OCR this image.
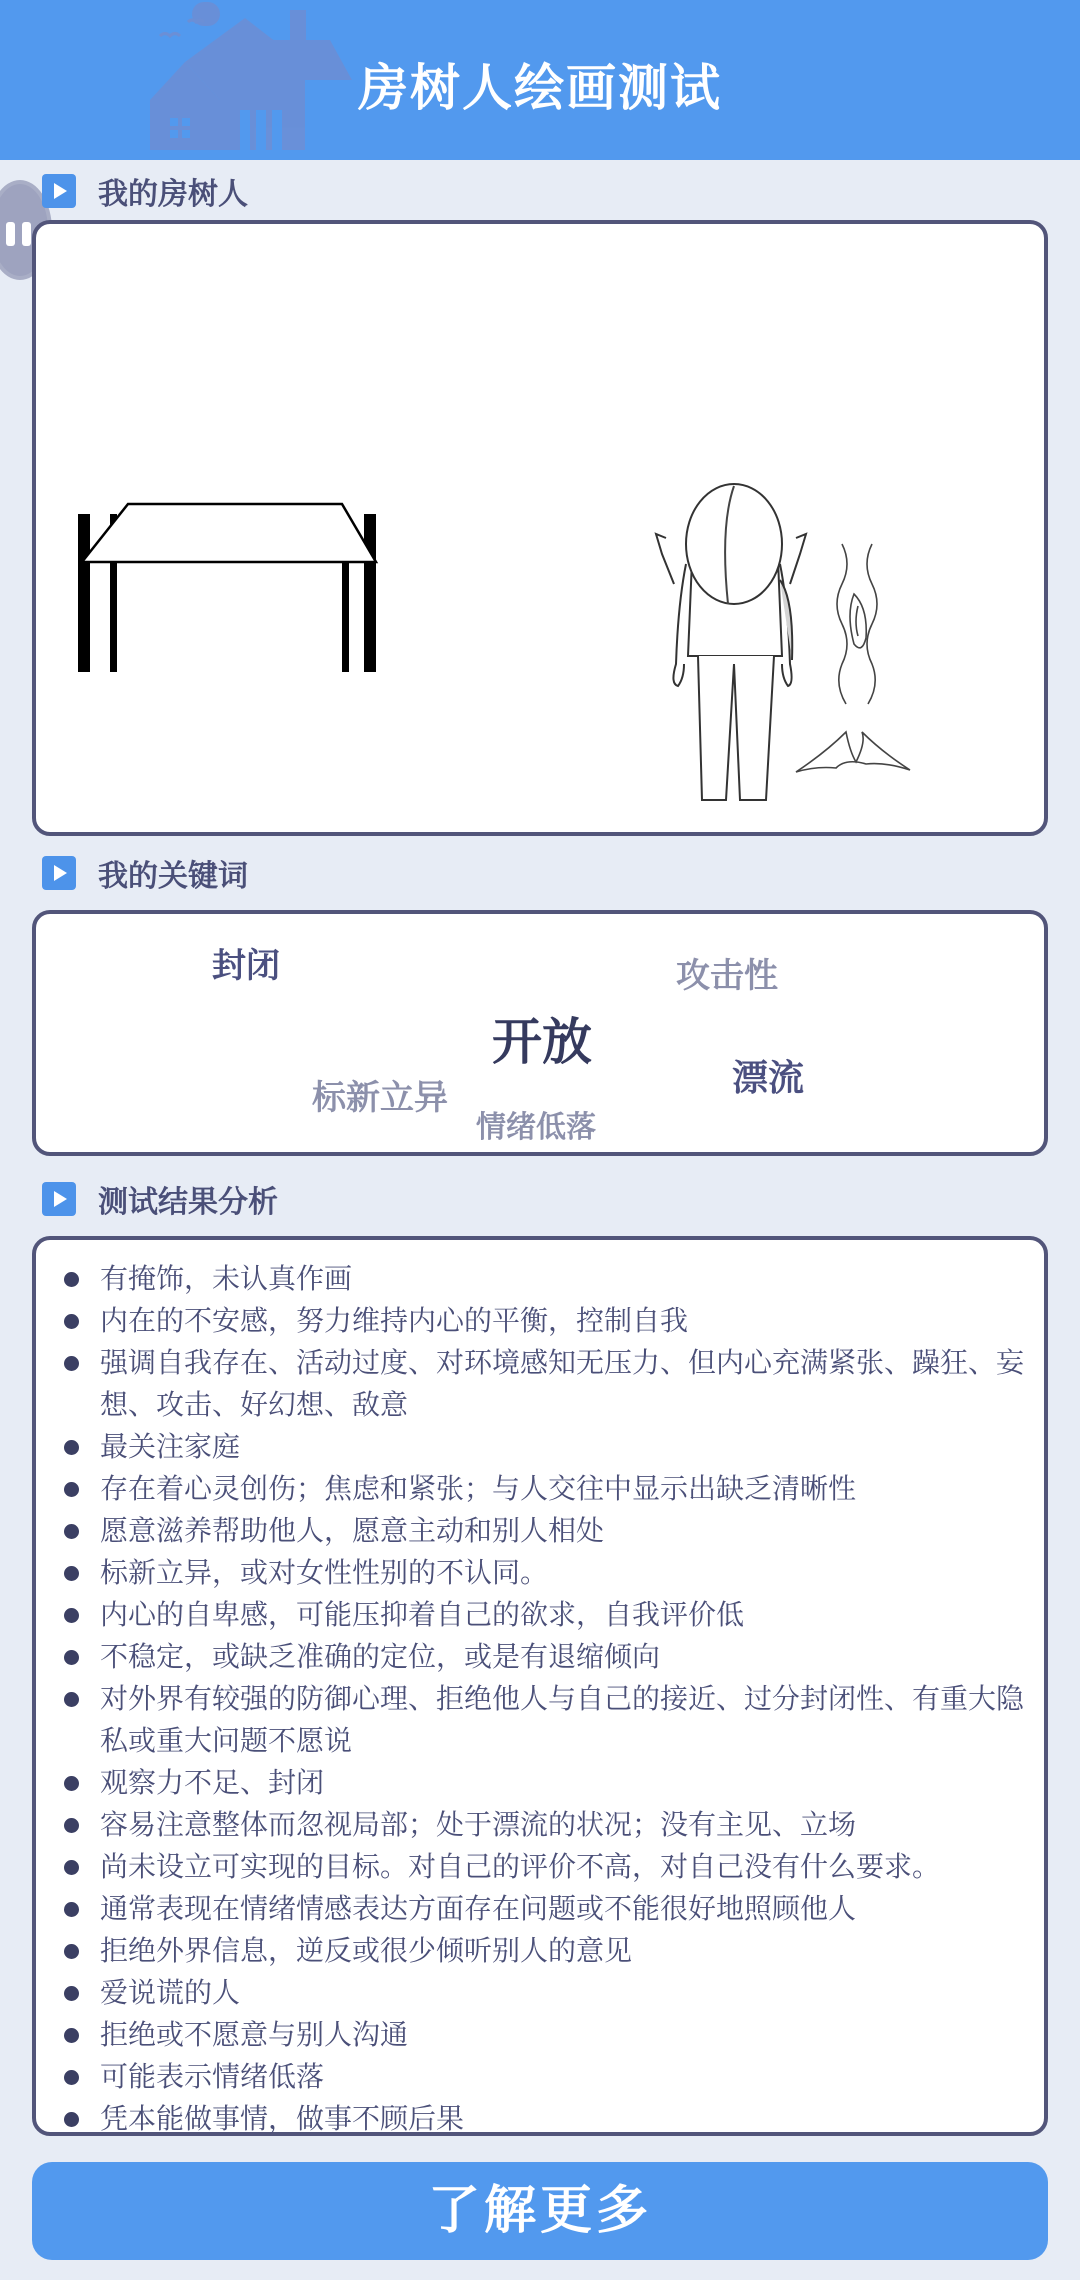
房树人绘画测试
我的房树人
我的关键词
封闭	攻击性
开放
漂流
标新立异
情绪低落
测试结果分析
有掩饰，未认真作画
内在的不安感，努力维持内心的平衡，控制自我
强调自我存在、活动过度、对环境感知无压力、但内心充满紧张、躁狂、妄想、攻击、好幻想、敌意
最关注家庭
存在着心灵创伤；焦虑和紧张；与人交往中显示出缺乏清晰性
愿意滋养帮助他人，愿意主动和别人相处
标新立异，或对女性性别的不认同。
内心的自卑感，可能压抑着自己的欲求，自我评价低
不稳定，或缺乏准确的定位，或是有退缩倾向
对外界有较强的防御心理、拒绝他人与自己的接近、过分封闭性、有重大隐私或重大问题不愿说
观察力不足、封闭
容易注意整体而忽视局部；处于漂流的状况；没有主见、立场
尚未设立可实现的目标。对自己的评价不高，对自己没有什么要求。
通常表现在情绪情感表达方面存在问题或不能很好地照顾他人
拒绝外界信息，逆反或很少倾听别人的意见
爱说谎的人
拒绝或不愿意与别人沟通
可能表示情绪低落
凭本能做事情，做事不顾后果
了解更多
